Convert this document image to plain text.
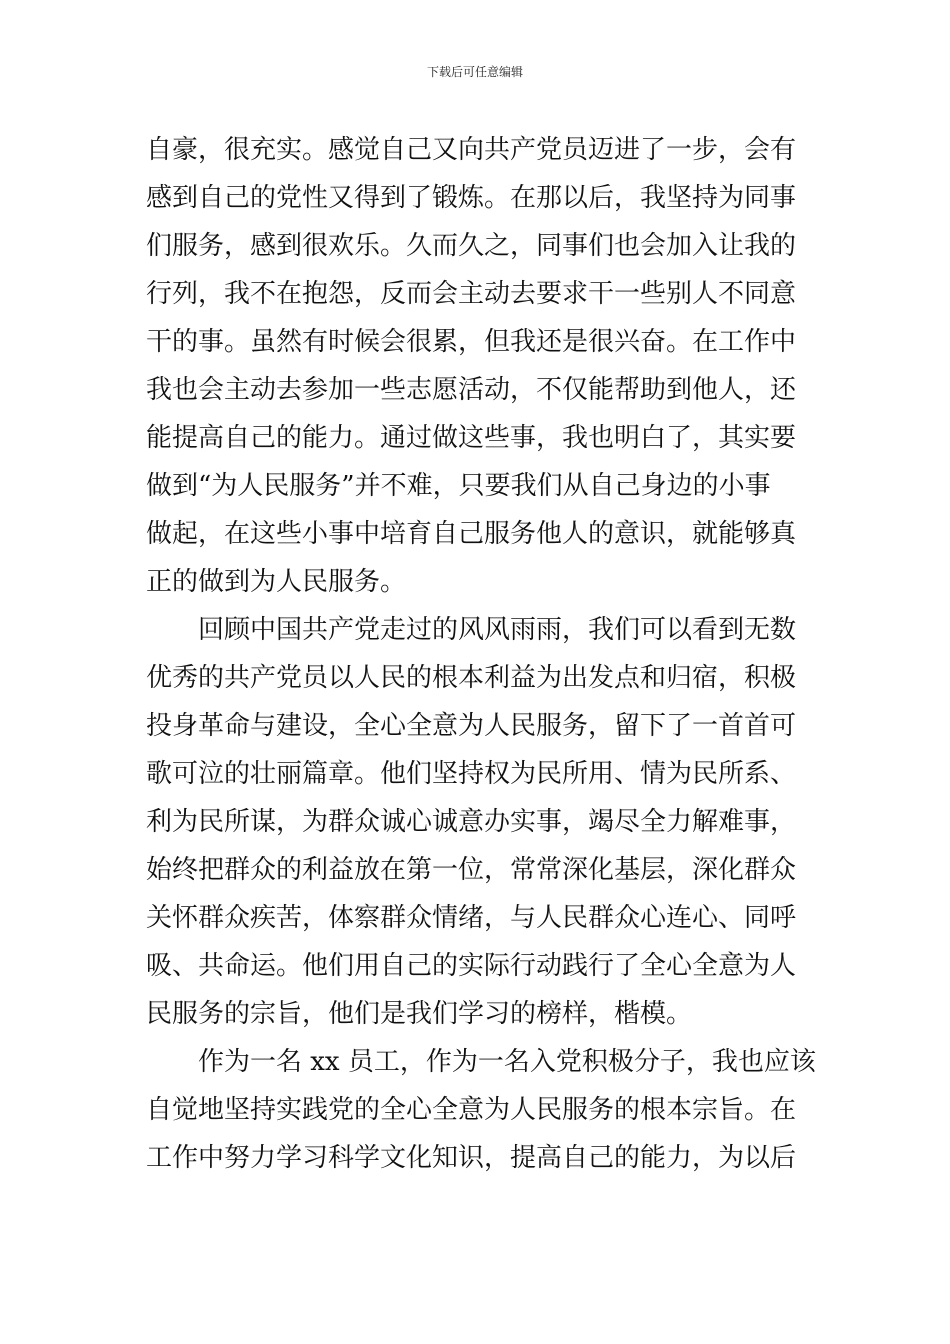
下载后可任意编辑
自豪，很充实。感觉自己又向共产党员迈进了一步，会有
感到自己的党性又得到了锻炼。在那以后，我坚持为同事
们服务，感到很欢乐。久而久之，同事们也会加入让我的
行列，我不在抱怨，反而会主动去要求干一些别人不同意
干的事。虽然有时候会很累，但我还是很兴奋。在工作中
我也会主动去参加一些志愿活动，不仅能帮助到他人，还
能提高自己的能力。通过做这些事，我也明白了，其实要
做到“为人民服务”并不难，只要我们从自己身边的小事
做起，在这些小事中培育自己服务他人的意识，就能够真
正的做到为人民服务。
回顾中国共产党走过的风风雨雨，我们可以看到无数
优秀的共产党员以人民的根本利益为出发点和归宿，积极
投身革命与建设，全心全意为人民服务，留下了一首首可
歌可泣的壮丽篇章。他们坚持权为民所用、情为民所系、
利为民所谋，为群众诚心诚意办实事，竭尽全力解难事，
始终把群众的利益放在第一位，常常深化基层，深化群众
关怀群众疾苦，体察群众情绪，与人民群众心连心、同呼
吸、共命运。他们用自己的实际行动践行了全心全意为人
民服务的宗旨，他们是我们学习的榜样，楷模。
作为一名 xx 员工，作为一名入党积极分子，我也应该
自觉地坚持实践党的全心全意为人民服务的根本宗旨。在
工作中努力学习科学文化知识，提高自己的能力，为以后
